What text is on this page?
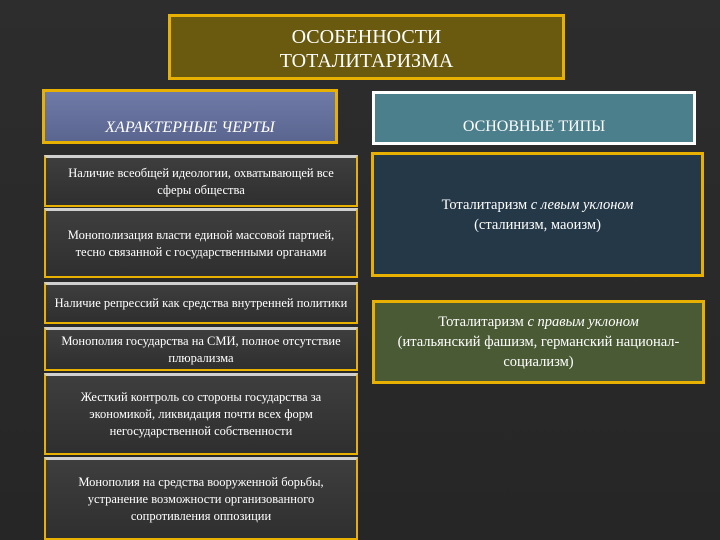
ОСОБЕННОСТИ
ТОТАЛИТАРИЗМА
ХАРАКТЕРНЫЕ ЧЕРТЫ	ОСНОВНЫЕ ТИПЫ
Наличие всеобщей идеологии, охватывающей все сферы общества
Монополизация власти единой массовой партией, тесно связанной с государственными органами
Наличие репрессий как средства внутренней политики
Монополия государства на СМИ, полное отсутствие плюрализма
Жесткий контроль со стороны государства за экономикой, ликвидация почти всех форм негосударственной собственности
Монополия на средства вооруженной борьбы, устранение возможности организованного сопротивления оппозиции
Тоталитаризм с левым уклоном
(сталинизм, маоизм)
Тоталитаризм с правым уклоном
(итальянский фашизм, германский национал-социализм)
